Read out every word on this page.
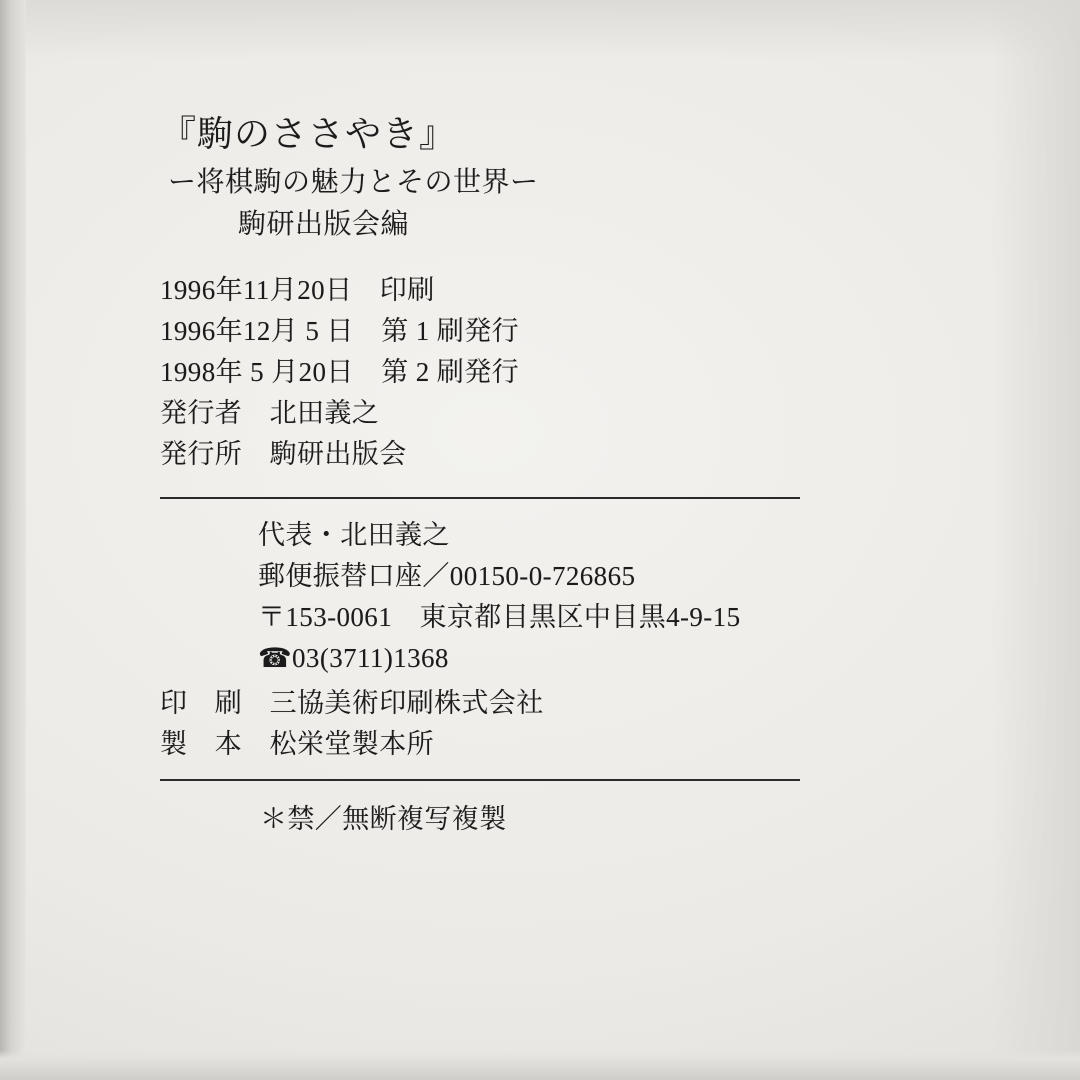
『駒のささやき』
ー将棋駒の魅力とその世界ー
駒研出版会編
1996年11月20日　印刷
1996年12月 5 日　第 1 刷発行
1998年 5 月20日　第 2 刷発行
発行者　北田義之
発行所　駒研出版会
代表・北田義之
郵便振替口座／00150-0-726865
〒153-0061　東京都目黒区中目黒4-9-15
☎03(3711)1368
印　刷　三協美術印刷株式会社
製　本　松栄堂製本所
＊禁／無断複写複製
